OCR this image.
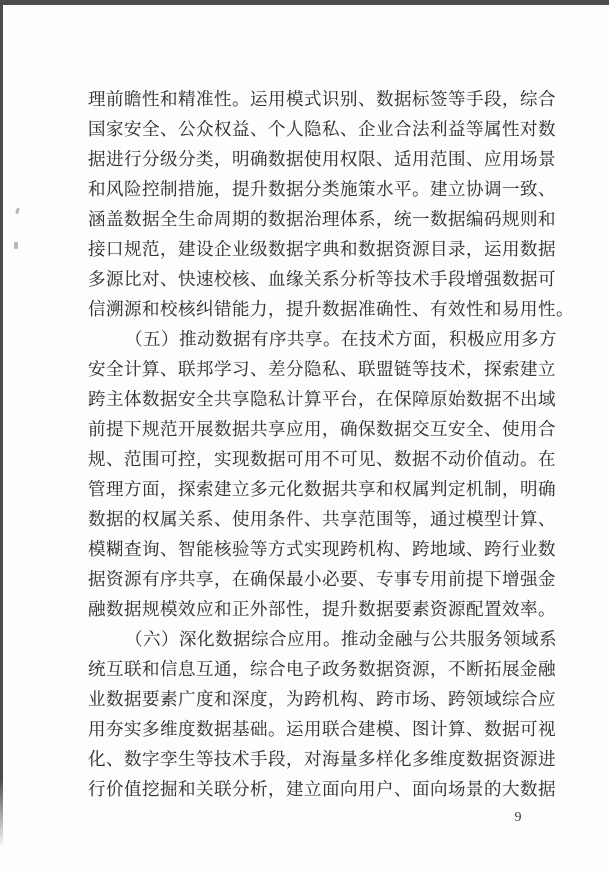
理前瞻性和精准性。运用模式识别、数据标签等手段，综合
国家安全、公众权益、个人隐私、企业合法利益等属性对数
据进行分级分类，明确数据使用权限、适用范围、应用场景
和风险控制措施，提升数据分类施策水平。建立协调一致、
涵盖数据全生命周期的数据治理体系，统一数据编码规则和
接口规范，建设企业级数据字典和数据资源目录，运用数据
多源比对、快速校核、血缘关系分析等技术手段增强数据可
信溯源和校核纠错能力，提升数据准确性、有效性和易用性。
（五）推动数据有序共享。在技术方面，积极应用多方
安全计算、联邦学习、差分隐私、联盟链等技术，探索建立
跨主体数据安全共享隐私计算平台，在保障原始数据不出域
前提下规范开展数据共享应用，确保数据交互安全、使用合
规、范围可控，实现数据可用不可见、数据不动价值动。在
管理方面，探索建立多元化数据共享和权属判定机制，明确
数据的权属关系、使用条件、共享范围等，通过模型计算、
模糊查询、智能核验等方式实现跨机构、跨地域、跨行业数
据资源有序共享，在确保最小必要、专事专用前提下增强金
融数据规模效应和正外部性，提升数据要素资源配置效率。
（六）深化数据综合应用。推动金融与公共服务领域系
统互联和信息互通，综合电子政务数据资源，不断拓展金融
业数据要素广度和深度，为跨机构、跨市场、跨领域综合应
用夯实多维度数据基础。运用联合建模、图计算、数据可视
化、数字孪生等技术手段，对海量多样化多维度数据资源进
行价值挖掘和关联分析，建立面向用户、面向场景的大数据
9
